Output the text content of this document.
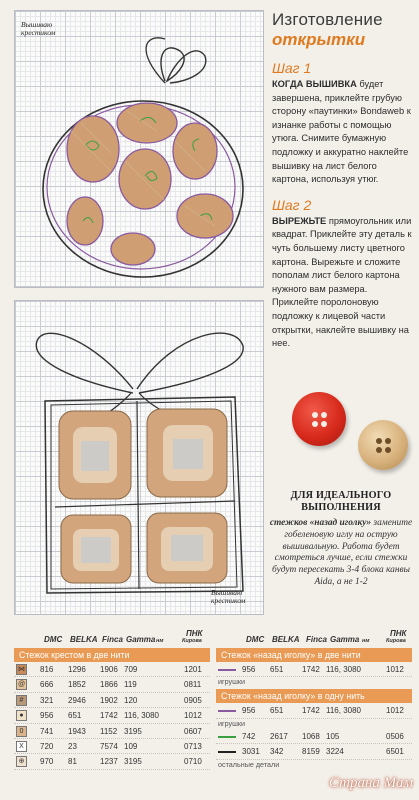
Вышиваю
крестиком
Вышиваю
крестиком
Изготовление
открытки
Шаг 1
КОГДА ВЫШИВКА будет завершена, приклейте грубую сторону «паутинки» Bondaweb к изнанке работы с помощью утюга. Снимите бумажную подложку и аккуратно наклейте вышивку на лист белого картона, используя утюг.
Шаг 2
ВЫРЕЖЬТЕ прямоугольник или квадрат. Приклейте эту деталь к чуть большему листу цветного картона. Вырежьте и сложите пополам лист белого картона нужного вам размера. Приклейте поролоновую подложку к лицевой части открытки, наклейте вышивку на нее.
ДЛЯ ИДЕАЛЬНОГО ВЫПОЛНЕНИЯ
стежков «назад иголку» замените гобеленовую иглу на острую вышивальную. Работа будет смотреться лучше, если стежки будут пересекать 3-4 блока канвы Aida, а не 1-2
DMC BELKA Finca Gamma нм
ПНК
Кирова
Стежок крестом в две нити
⋈ 816 1296 1906 709	1201
@ 666 1852 1866 119	0811
#	321 2946 1902 120	0905
●	956 651 1742 116, 3080	1012
0	741 1943 1152 3195	0607
X	720 23	7574 109	0713
⊕	970 81	1237 3195	0710
DMC BELKA Finca Gamma нм
ПНК
Кирова
Стежок «назад иголку» в две нити
956 651 1742 116, 3080	1012
игрушки
Стежок «назад иголку» в одну нить
956 651 1742 116, 3080	1012
игрушки
742 2617 1068 105	0506
3031 342 8159 3224	6501
остальные детали
Страна Мам
